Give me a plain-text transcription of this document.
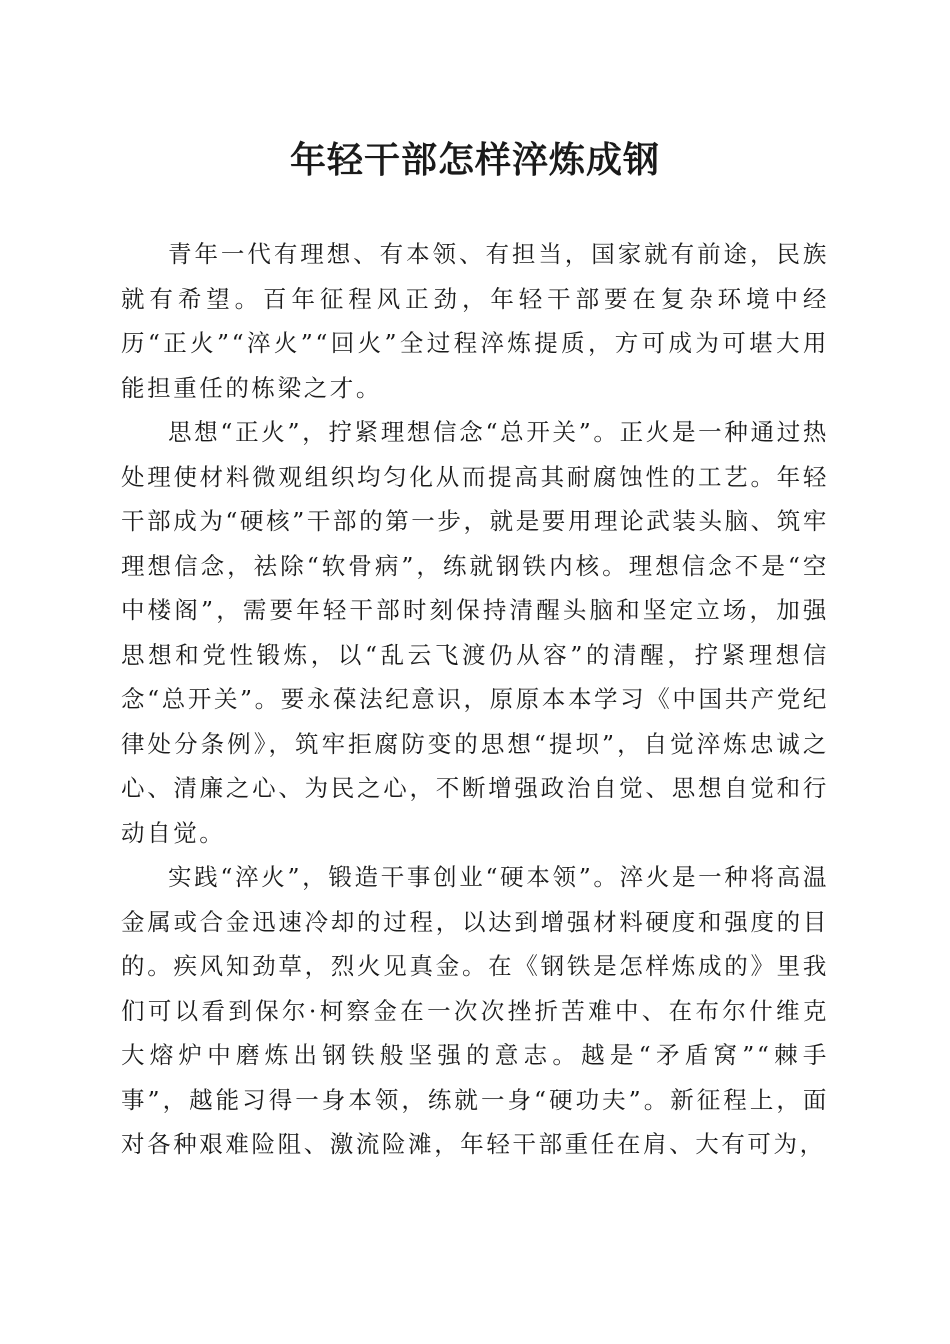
年轻干部怎样淬炼成钢

青年一代有理想、有本领、有担当，国家就有前途，民族就有希望。百年征程风正劲，年轻干部要在复杂环境中经历“正火”“淬火”“回火”全过程淬炼提质，方可成为可堪大用能担重任的栋梁之才。

思想“正火”，拧紧理想信念“总开关”。正火是一种通过热处理使材料微观组织均匀化从而提高其耐腐蚀性的工艺。年轻干部成为“硬核”干部的第一步，就是要用理论武装头脑、筑牢理想信念，祛除“软骨病”，练就钢铁内核。理想信念不是“空中楼阁”，需要年轻干部时刻保持清醒头脑和坚定立场，加强思想和党性锻炼，以“乱云飞渡仍从容”的清醒，拧紧理想信念“总开关”。要永葆法纪意识，原原本本学习《中国共产党纪律处分条例》，筑牢拒腐防变的思想“提坝”，自觉淬炼忠诚之心、清廉之心、为民之心，不断增强政治自觉、思想自觉和行动自觉。

实践“淬火”，锻造干事创业“硬本领”。淬火是一种将高温金属或合金迅速冷却的过程，以达到增强材料硬度和强度的目的。疾风知劲草，烈火见真金。在《钢铁是怎样炼成的》里我们可以看到保尔·柯察金在一次次挫折苦难中、在布尔什维克大熔炉中磨炼出钢铁般坚强的意志。越是“矛盾窝”“棘手事”，越能习得一身本领，练就一身“硬功夫”。新征程上，面对各种艰难险阻、激流险滩，年轻干部重任在肩、大有可为，
